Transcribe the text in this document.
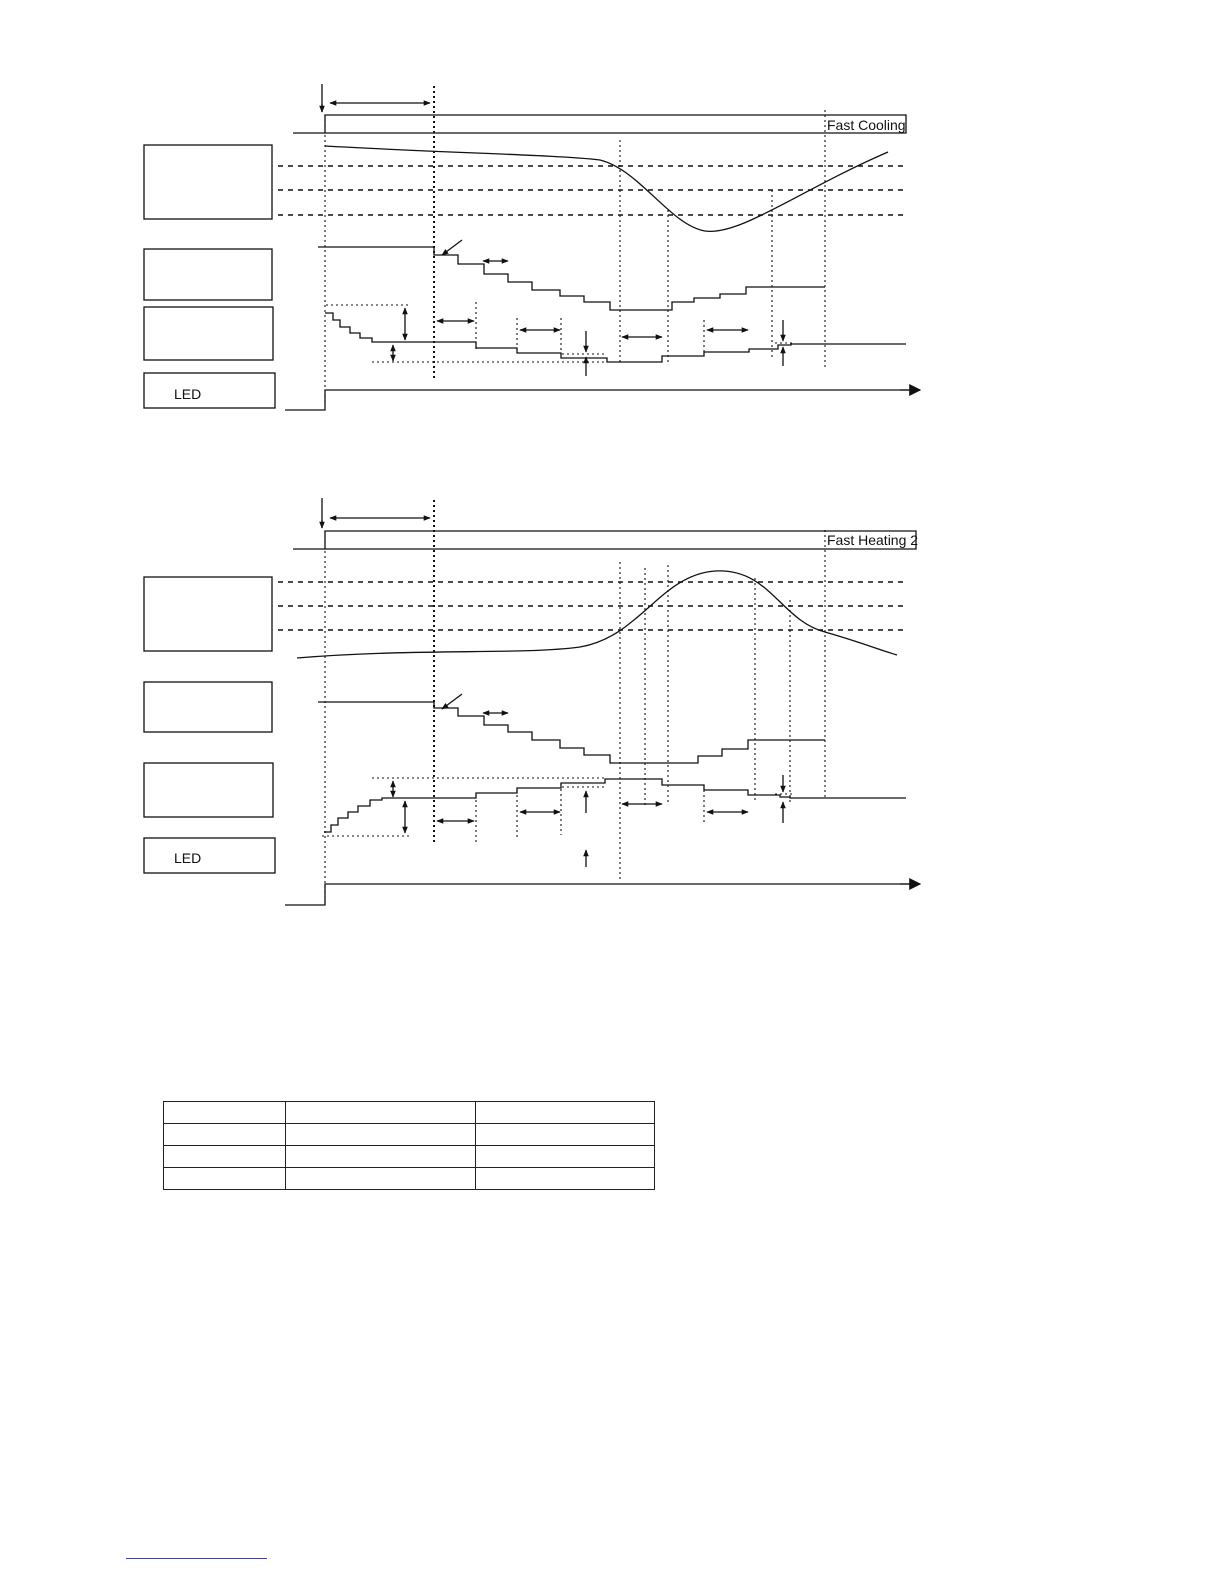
LED
Fast Cooling
LED
Fast Heating 2
